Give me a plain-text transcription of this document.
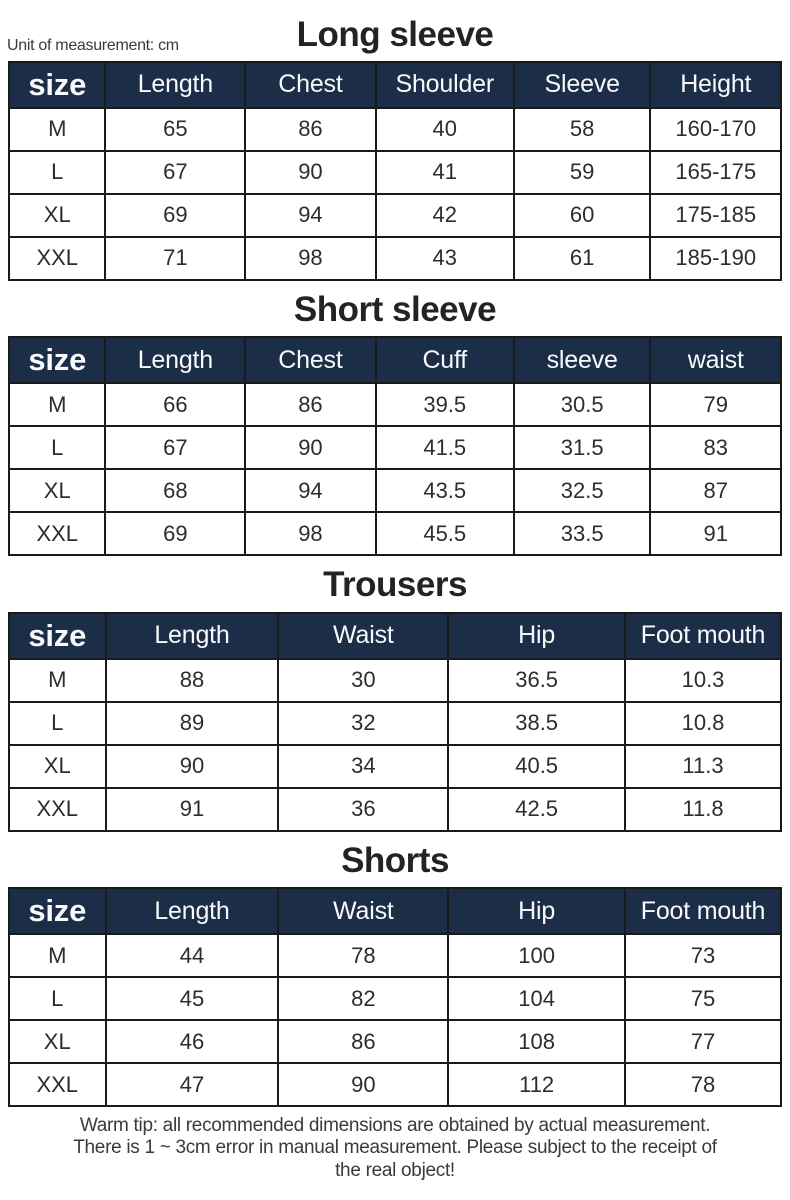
Long sleeve
Unit of measurement: cm
size	Length	Chest	Shoulder	Sleeve	Height
M	65	86	40	58	160-170
L	67	90	41	59	165-175
XL	69	94	42	60	175-185
XXL	71	98	43	61	185-190
Short sleeve
size	Length	Chest	Cuff	sleeve	waist
M	66	86	39.5	30.5	79
L	67	90	41.5	31.5	83
XL	68	94	43.5	32.5	87
XXL	69	98	45.5	33.5	91
Trousers
size	Length	Waist	Hip	Foot mouth
M	88	30	36.5	10.3
L	89	32	38.5	10.8
XL	90	34	40.5	11.3
XXL	91	36	42.5	11.8
Shorts
size	Length	Waist	Hip	Foot mouth
M	44	78	100	73
L	45	82	104	75
XL	46	86	108	77
XXL	47	90	112	78
Warm tip: all recommended dimensions are obtained by actual measurement.
There is 1 ~ 3cm error in manual measurement. Please subject to the receipt of
the real object!
